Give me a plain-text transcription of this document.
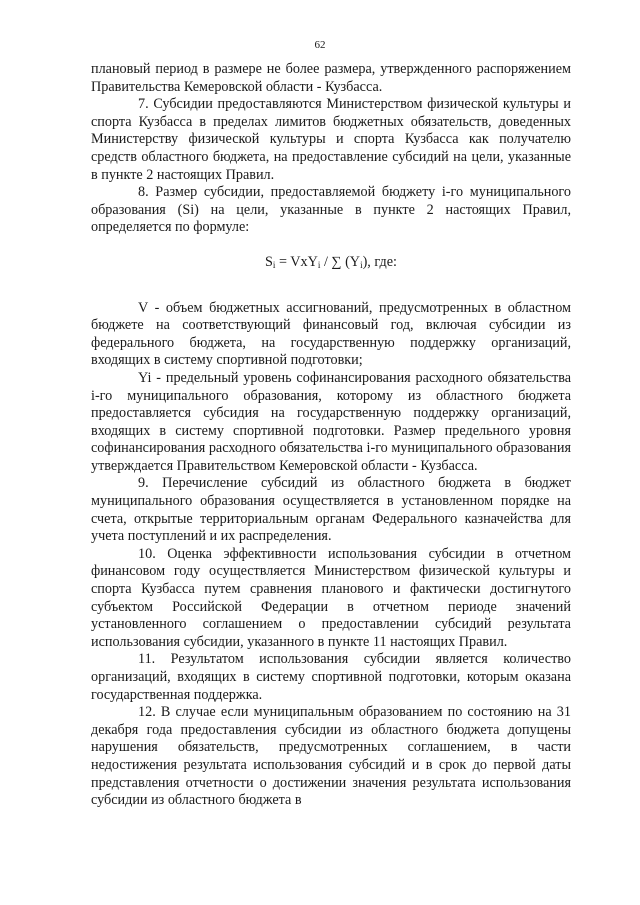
62

плановый период в размере не более размера, утвержденного распоряжением Правительства Кемеровской области - Кузбасса.

7. Субсидии предоставляются Министерством физической культуры и спорта Кузбасса в пределах лимитов бюджетных обязательств, доведенных Министерству физической культуры и спорта Кузбасса как получателю средств областного бюджета, на предоставление субсидий на цели, указанные в пункте 2 настоящих Правил.

8. Размер субсидии, предоставляемой бюджету i-го муниципального образования (Si) на цели, указанные в пункте 2 настоящих Правил, определяется по формуле:

$S_i = VxY_i$ / ∑ $(Y_i)$, где:

V - объем бюджетных ассигнований, предусмотренных в областном бюджете на соответствующий финансовый год, включая субсидии из федерального бюджета, на государственную поддержку организаций, входящих в систему спортивной подготовки;

Yi - предельный уровень софинансирования расходного обязательства i-го муниципального образования, которому из областного бюджета предоставляется субсидия на государственную поддержку организаций, входящих в систему спортивной подготовки. Размер предельного уровня софинансирования расходного обязательства i-го муниципального образования утверждается Правительством Кемеровской области - Кузбасса.

9. Перечисление субсидий из областного бюджета в бюджет муниципального образования осуществляется в установленном порядке на счета, открытые территориальным органам Федерального казначейства для учета поступлений и их распределения.

10. Оценка эффективности использования субсидии в отчетном финансовом году осуществляется Министерством физической культуры и спорта Кузбасса путем сравнения планового и фактически достигнутого субъектом Российской Федерации в отчетном периоде значений установленного соглашением о предоставлении субсидий результата использования субсидии, указанного в пункте 11 настоящих Правил.

11. Результатом использования субсидии является количество организаций, входящих в систему спортивной подготовки, которым оказана государственная поддержка.

12. В случае если муниципальным образованием по состоянию на 31 декабря года предоставления субсидии из областного бюджета допущены нарушения обязательств, предусмотренных соглашением, в части недостижения результата использования субсидий и в срок до первой даты представления отчетности о достижении значения результата использования субсидии из областного бюджета в
